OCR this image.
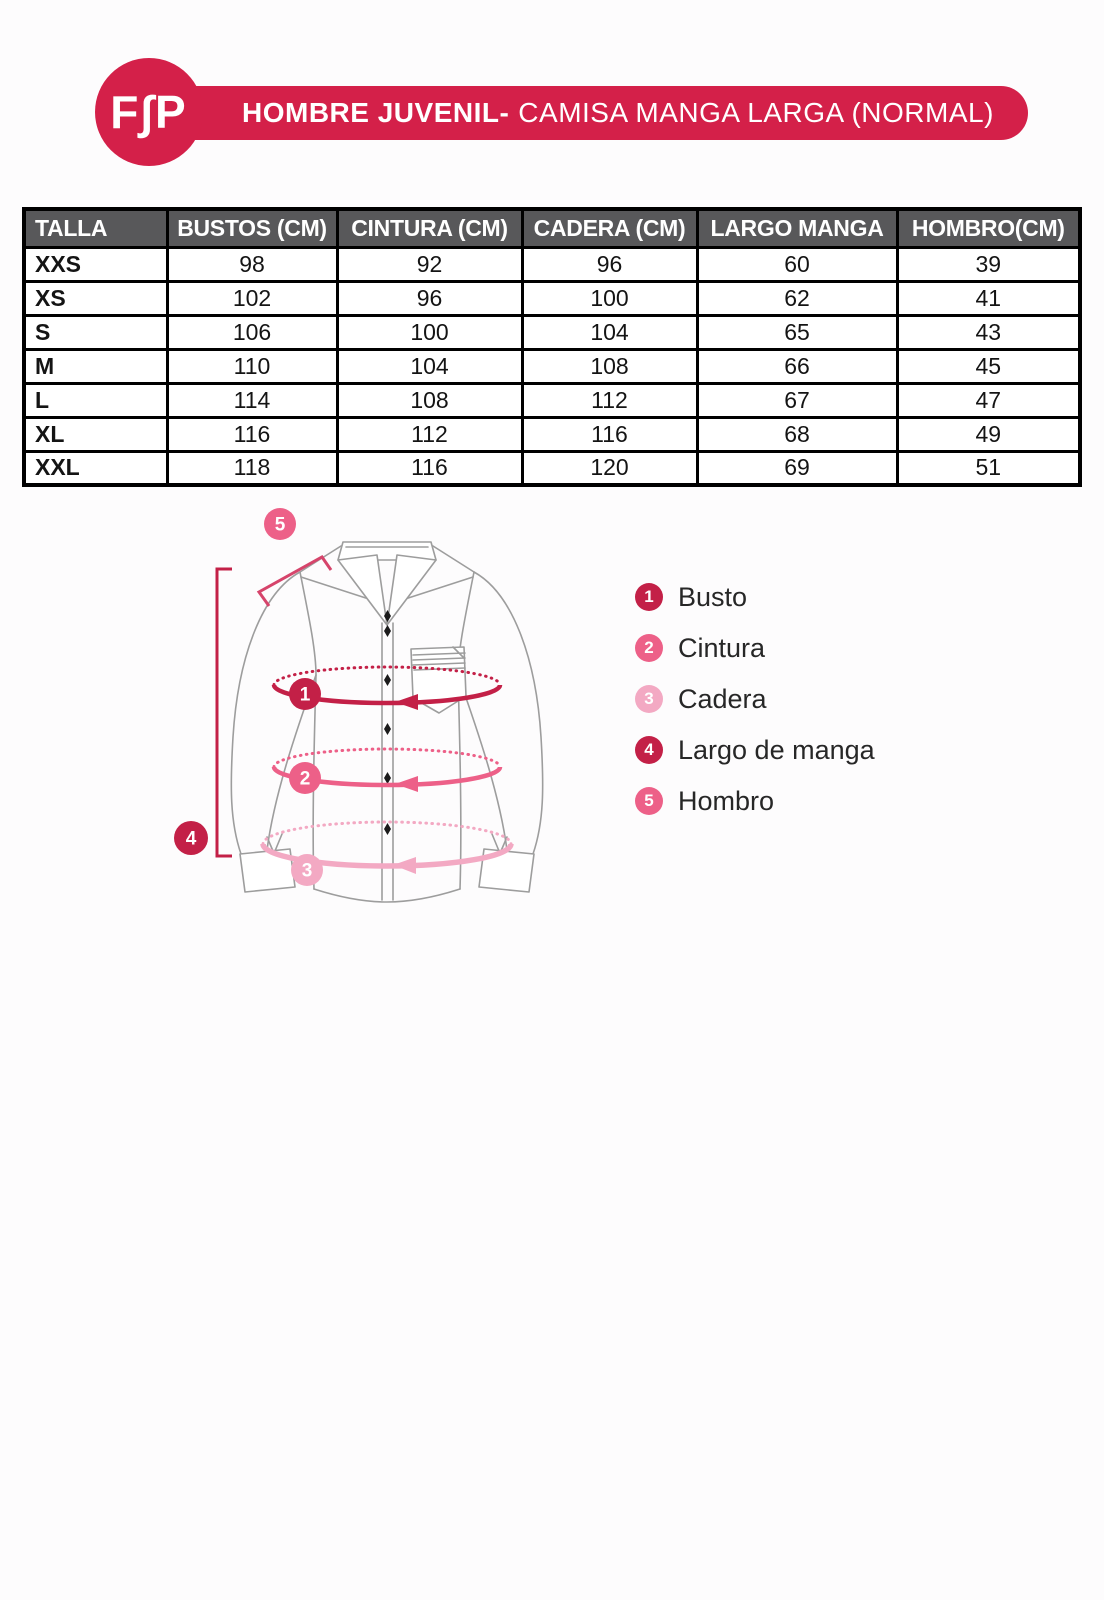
HOMBRE JUVENIL- CAMISA MANGA LARGA (NORMAL)
F∫P
TALLA	BUSTOS (CM)	CINTURA (CM)	CADERA (CM)	LARGO MANGA	HOMBRO(CM)
XXS	98	92	96	60	39
XS	102	96	100	62	41
S	106	100	104	65	43
M	110	104	108	66	45
L	114	108	112	67	47
XL	116	112	116	68	49
XXL	118	116	120	69	51
1
2
3
4
5
1 Busto
2 Cintura
3 Cadera
4 Largo de manga
5 Hombro
